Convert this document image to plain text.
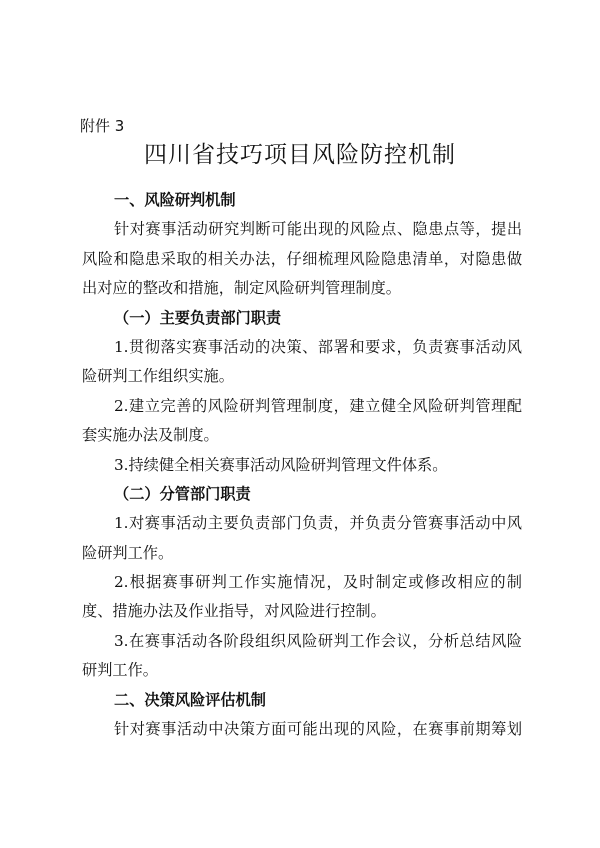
附件 3
四川省技巧项目风险防控机制
一、风险研判机制
针对赛事活动研究判断可能出现的风险点、隐患点等，提出
风险和隐患采取的相关办法，仔细梳理风险隐患清单，对隐患做
出对应的整改和措施，制定风险研判管理制度。
（一）主要负责部门职责
1.贯彻落实赛事活动的决策、部署和要求，负责赛事活动风
险研判工作组织实施。
2.建立完善的风险研判管理制度，建立健全风险研判管理配
套实施办法及制度。
3.持续健全相关赛事活动风险研判管理文件体系。
（二）分管部门职责
1.对赛事活动主要负责部门负责，并负责分管赛事活动中风
险研判工作。
2.根据赛事研判工作实施情况，及时制定或修改相应的制
度、措施办法及作业指导，对风险进行控制。
3.在赛事活动各阶段组织风险研判工作会议，分析总结风险
研判工作。
二、决策风险评估机制
针对赛事活动中决策方面可能出现的风险，在赛事前期筹划
